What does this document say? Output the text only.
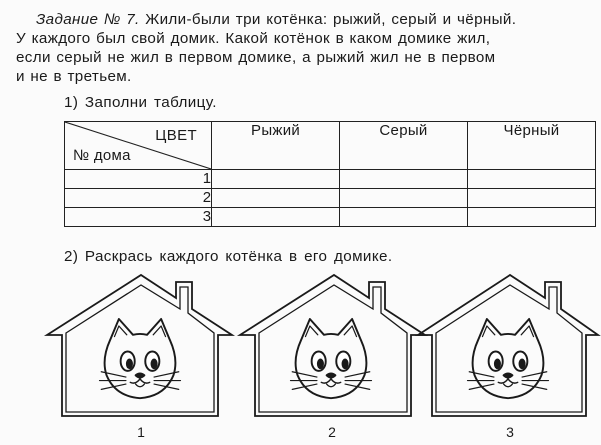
Задание № 7. Жили-были три котёнка: рыжий, серый и чёрный.
У каждого был свой домик. Какой котёнок в каком домике жил,
если серый не жил в первом домике, а рыжий жил не в первом
и не в третьем.
1) Заполни таблицу.
ЦВЕТ
№ дома	Рыжий	Серый	Чёрный
1			
2			
3			
2) Раскрась каждого котёнка в его домике.
1	2	3
